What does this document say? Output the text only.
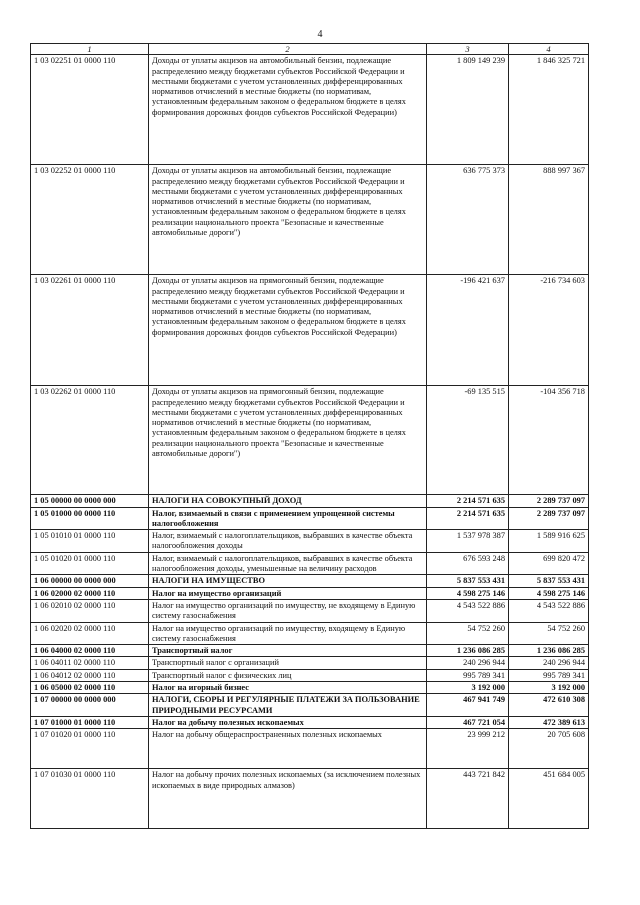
4
1	2	3	4
1 03 02251 01 0000 110	Доходы от уплаты акцизов на автомобильный бензин, подлежащие распределению между бюджетами субъектов Российской Федерации и местными бюджетами с учетом установленных дифференцированных нормативов отчислений в местные бюджеты (по нормативам, установленным федеральным законом о федеральном бюджете в целях формирования дорожных фондов субъектов Российской Федерации)	1 809 149 239	1 846 325 721
1 03 02252 01 0000 110	Доходы от уплаты акцизов на автомобильный бензин, подлежащие распределению между бюджетами субъектов Российской Федерации и местными бюджетами с учетом установленных дифференцированных нормативов отчислений в местные бюджеты (по нормативам, установленным федеральным законом о федеральном бюджете в целях реализации национального проекта "Безопасные и качественные автомобильные дороги")	636 775 373	888 997 367
1 03 02261 01 0000 110	Доходы от уплаты акцизов на прямогонный бензин, подлежащие распределению между бюджетами субъектов Российской Федерации и местными бюджетами с учетом установленных дифференцированных нормативов отчислений в местные бюджеты (по нормативам, установленным федеральным законом о федеральном бюджете в целях формирования дорожных фондов субъектов Российской Федерации)	-196 421 637	-216 734 603
1 03 02262 01 0000 110	Доходы от уплаты акцизов на прямогонный бензин, подлежащие распределению между бюджетами субъектов Российской Федерации и местными бюджетами с учетом установленных дифференцированных нормативов отчислений в местные бюджеты (по нормативам, установленным федеральным законом о федеральном бюджете в целях реализации национального проекта "Безопасные и качественные автомобильные дороги")	-69 135 515	-104 356 718
1 05 00000 00 0000 000	НАЛОГИ НА СОВОКУПНЫЙ ДОХОД	2 214 571 635	2 289 737 097
1 05 01000 00 0000 110	Налог, взимаемый в связи с применением упрощенной системы налогообложения	2 214 571 635	2 289 737 097
1 05 01010 01 0000 110	Налог, взимаемый с налогоплательщиков, выбравших в качестве объекта налогообложения доходы	1 537 978 387	1 589 916 625
1 05 01020 01 0000 110	Налог, взимаемый с налогоплательщиков, выбравших в качестве объекта налогообложения доходы, уменьшенные на величину расходов	676 593 248	699 820 472
1 06 00000 00 0000 000	НАЛОГИ НА ИМУЩЕСТВО	5 837 553 431	5 837 553 431
1 06 02000 02 0000 110	Налог на имущество организаций	4 598 275 146	4 598 275 146
1 06 02010 02 0000 110	Налог на имущество организаций по имуществу, не входящему в Единую систему газоснабжения	4 543 522 886	4 543 522 886
1 06 02020 02 0000 110	Налог на имущество организаций по имуществу, входящему в Единую систему газоснабжения	54 752 260	54 752 260
1 06 04000 02 0000 110	Транспортный налог	1 236 086 285	1 236 086 285
1 06 04011 02 0000 110	Транспортный налог с организаций	240 296 944	240 296 944
1 06 04012 02 0000 110	Транспортный налог с физических лиц	995 789 341	995 789 341
1 06 05000 02 0000 110	Налог на игорный бизнес	3 192 000	3 192 000
1 07 00000 00 0000 000	НАЛОГИ, СБОРЫ И РЕГУЛЯРНЫЕ ПЛАТЕЖИ ЗА ПОЛЬЗОВАНИЕ ПРИРОДНЫМИ РЕСУРСАМИ	467 941 749	472 610 308
1 07 01000 01 0000 110	Налог на добычу полезных ископаемых	467 721 054	472 389 613
1 07 01020 01 0000 110	Налог на добычу общераспространенных полезных ископаемых	23 999 212	20 705 608
1 07 01030 01 0000 110	Налог на добычу прочих полезных ископаемых (за исключением полезных ископаемых в виде природных алмазов)	443 721 842	451 684 005
